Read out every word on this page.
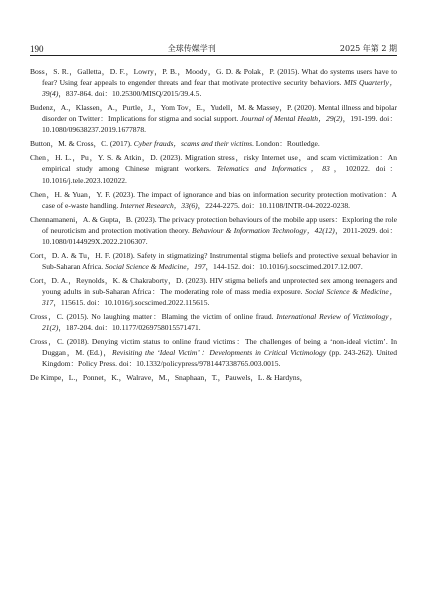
190	全球传媒学刊	2025 年第 2 期

Boss，S. R.，Galletta，D. F.，Lowry，P. B.，Moody，G. D. & Polak，P. (2015). What do systems users have to fear? Using fear appeals to engender threats and fear that motivate protective security behaviors. MIS Quarterly，39(4)，837-864. doi：10.25300/MISQ/2015/39.4.5.

Budenz，A.，Klassen，A.，Purtle，J.，Yom Tov，E.，Yudell，M. & Massey，P. (2020). Mental illness and bipolar disorder on Twitter：Implications for stigma and social support. Journal of Mental Health，29(2)，191-199. doi：10.1080/09638237.2019.1677878.

Button，M. & Cross，C. (2017). Cyber frauds，scams and their victims. London：Routledge.

Chen，H. L.，Pu，Y. S. & Atkin，D. (2023). Migration stress，risky Internet use，and scam victimization：An empirical study among Chinese migrant workers. Telematics and Informatics，83，102022. doi：10.1016/j.tele.2023.102022.

Chen，H. & Yuan，Y. F. (2023). The impact of ignorance and bias on information security protection motivation：A case of e-waste handling. Internet Research，33(6)，2244-2275. doi：10.1108/INTR-04-2022-0238.

Chennamaneni，A. & Gupta，B. (2023). The privacy protection behaviours of the mobile app users：Exploring the role of neuroticism and protection motivation theory. Behaviour & Information Technology，42(12)，2011-2029. doi：10.1080/0144929X.2022.2106307.

Cort，D. A. & Tu，H. F. (2018). Safety in stigmatizing? Instrumental stigma beliefs and protective sexual behavior in Sub-Saharan Africa. Social Science & Medicine，197，144-152. doi：10.1016/j.socscimed.2017.12.007.

Cort，D. A.，Reynolds，K. & Chakraborty，D. (2023). HIV stigma beliefs and unprotected sex among teenagers and young adults in sub-Saharan Africa：The moderating role of mass media exposure. Social Science & Medicine，317，115615. doi：10.1016/j.socscimed.2022.115615.

Cross，C. (2015). No laughing matter：Blaming the victim of online fraud. International Review of Victimology，21(2)，187-204. doi：10.1177/0269758015571471.

Cross，C. (2018). Denying victim status to online fraud victims：The challenges of being a ‘non-ideal victim’. In Duggan，M. (Ed.)，Revisiting the ‘Ideal Victim’：Developments in Critical Victimology (pp. 243-262). United Kingdom：Policy Press. doi：10.1332/policypress/9781447338765.003.0015.

De Kimpe，L.，Ponnet，K.，Walrave，M.，Snaphaan，T.，Pauwels，L. & Hardyns，
